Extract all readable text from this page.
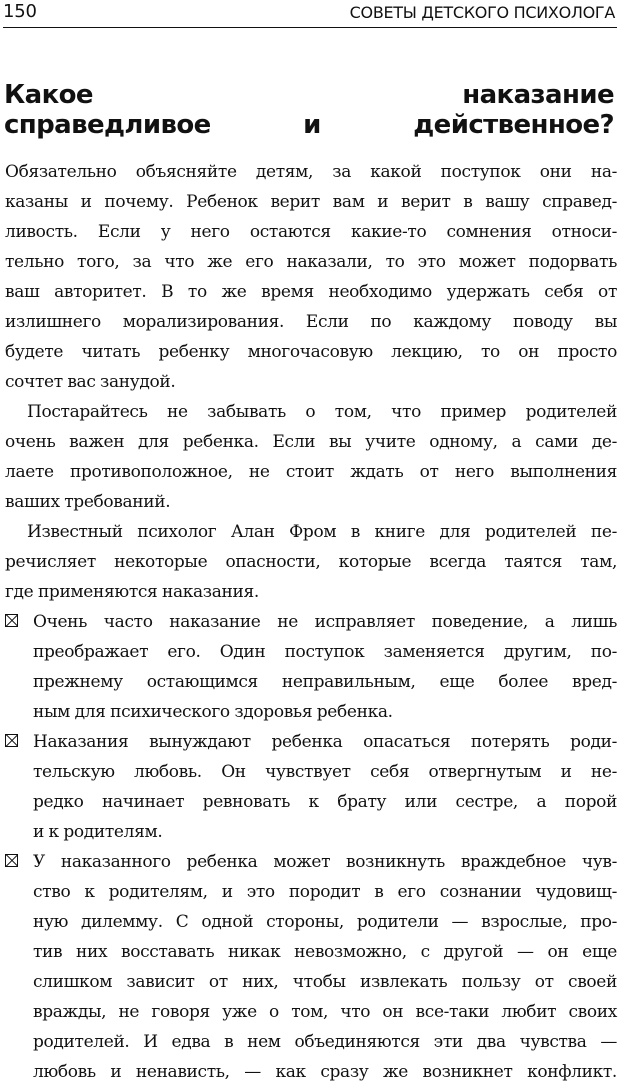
150	СОВЕТЫ ДЕТСКОГО ПСИХОЛОГА
Какое наказание
справедливое и действенное?

Обязательно объясняйте детям, за какой поступок они на-
казаны и почему. Ребенок верит вам и верит в вашу справед-
ливость. Если у него остаются какие-то сомнения относи-
тельно того, за что же его наказали, то это может подорвать
ваш авторитет. В то же время необходимо удержать себя от
излишнего морализирования. Если по каждому поводу вы
будете читать ребенку многочасовую лекцию, то он просто
сочтет вас занудой.

Постарайтесь не забывать о том, что пример родителей
очень важен для ребенка. Если вы учите одному, а сами де-
лаете противоположное, не стоит ждать от него выполнения
ваших требований.

Известный психолог Алан Фром в книге для родителей пе-
речисляет некоторые опасности, которые всегда таятся там,
где применяются наказания.

Очень часто наказание не исправляет поведение, а лишь
преображает его. Один поступок заменяется другим, по-
прежнему остающимся неправильным, еще более вред-
ным для психического здоровья ребенка.
Наказания вынуждают ребенка опасаться потерять роди-
тельскую любовь. Он чувствует себя отвергнутым и не-
редко начинает ревновать к брату или сестре, а порой
и к родителям.
У наказанного ребенка может возникнуть враждебное чув-
ство к родителям, и это породит в его сознании чудовищ-
ную дилемму. С одной стороны, родители — взрослые, про-
тив них восставать никак невозможно, с другой — он еще
слишком зависит от них, чтобы извлекать пользу от своей
вражды, не говоря уже о том, что он все-таки любит своих
родителей. И едва в нем объединяются эти два чувства —
любовь и ненависть, — как сразу же возникнет конфликт.
